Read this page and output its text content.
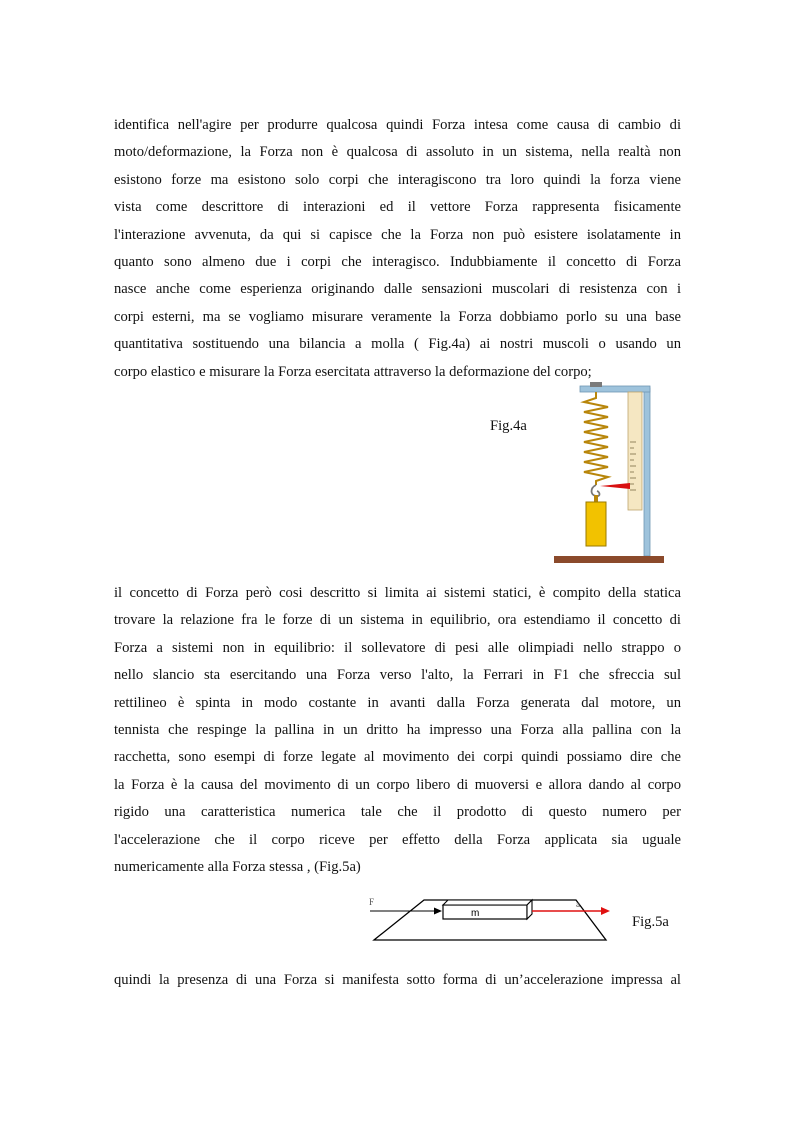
identifica nell'agire per produrre qualcosa quindi Forza intesa come causa di cambio di
moto/deformazione, la Forza non è qualcosa di assoluto in un sistema, nella realtà non
esistono forze ma esistono solo corpi che interagiscono tra loro quindi la forza viene
vista come descrittore di interazioni ed il vettore Forza rappresenta fisicamente
l'interazione avvenuta, da qui si capisce che la Forza non può esistere isolatamente in
quanto sono almeno due i corpi che interagisco. Indubbiamente il concetto di Forza
nasce anche come esperienza originando dalle sensazioni muscolari di resistenza con i
corpi esterni, ma se vogliamo misurare veramente la Forza dobbiamo porlo su una base
quantitativa sostituendo una bilancia a molla ( Fig.4a) ai nostri muscoli o usando un
corpo elastico e misurare la Forza esercitata attraverso la deformazione del corpo;
Fig.4a
il concetto di Forza però cosi descritto si limita ai sistemi statici, è compito della statica
trovare la relazione fra le forze di un sistema in equilibrio, ora estendiamo il concetto di
Forza a sistemi non in equilibrio: il sollevatore di pesi alle olimpiadi nello strappo o
nello slancio sta esercitando una Forza verso l'alto, la Ferrari in F1 che sfreccia sul
rettilineo è spinta in modo costante in avanti dalla Forza generata dal motore, un
tennista che respinge la pallina in un dritto ha impresso una Forza alla pallina con la
racchetta, sono esempi di forze legate al movimento dei corpi quindi possiamo dire che
la Forza è la causa del movimento di un corpo libero di muoversi e allora dando al corpo
rigido una caratteristica numerica tale che il prodotto di questo numero per
l'accelerazione che il corpo riceve per effetto della Forza applicata sia uguale
numericamente alla Forza stessa , (Fig.5a)
F
m
a
Fig.5a
quindi la presenza di una Forza si manifesta sotto forma di un’accelerazione impressa al
